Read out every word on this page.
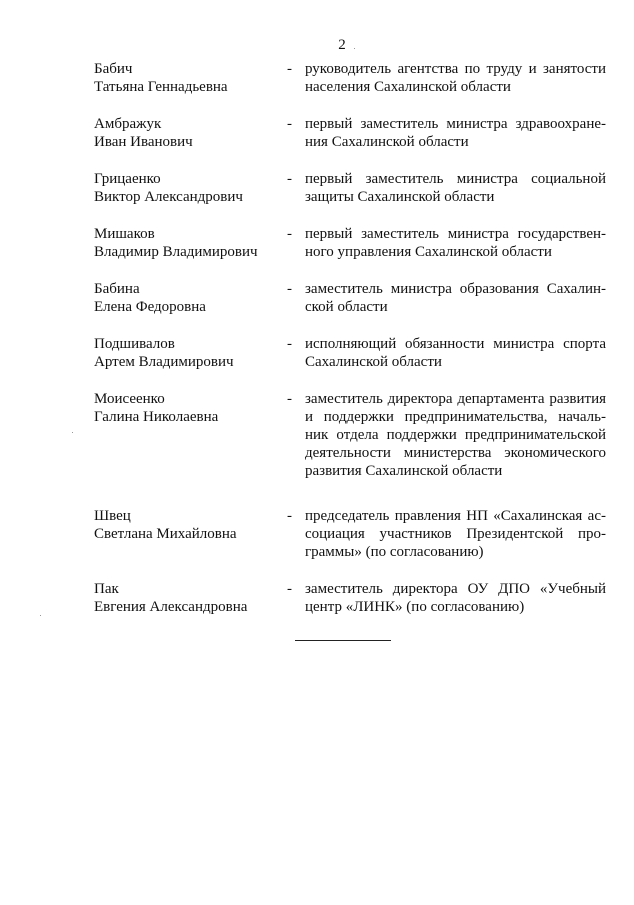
2
Бабич
Татьяна Геннадьевна
- руководитель агентства по труду и занятости населения Сахалинской области
Амбражук
Иван Иванович
- первый заместитель министра здравоохране-ния Сахалинской области
Грицаенко
Виктор Александрович
- первый заместитель министра социальной защиты Сахалинской области
Мишаков
Владимир Владимирович
- первый заместитель министра государствен-ного управления Сахалинской области
Бабина
Елена Федоровна
- заместитель министра образования Сахалин-ской области
Подшивалов
Артем Владимирович
- исполняющий обязанности министра спорта Сахалинской области
Моисеенко
Галина Николаевна
- заместитель директора департамента развития и поддержки предпринимательства, началь-ник отдела поддержки предпринимательской деятельности министерства экономического развития Сахалинской области
Швец
Светлана Михайловна
- председатель правления НП «Сахалинская ас-социация участников Президентской про-граммы» (по согласованию)
Пак
Евгения Александровна
- заместитель директора ОУ ДПО «Учебный центр «ЛИНК» (по согласованию)
